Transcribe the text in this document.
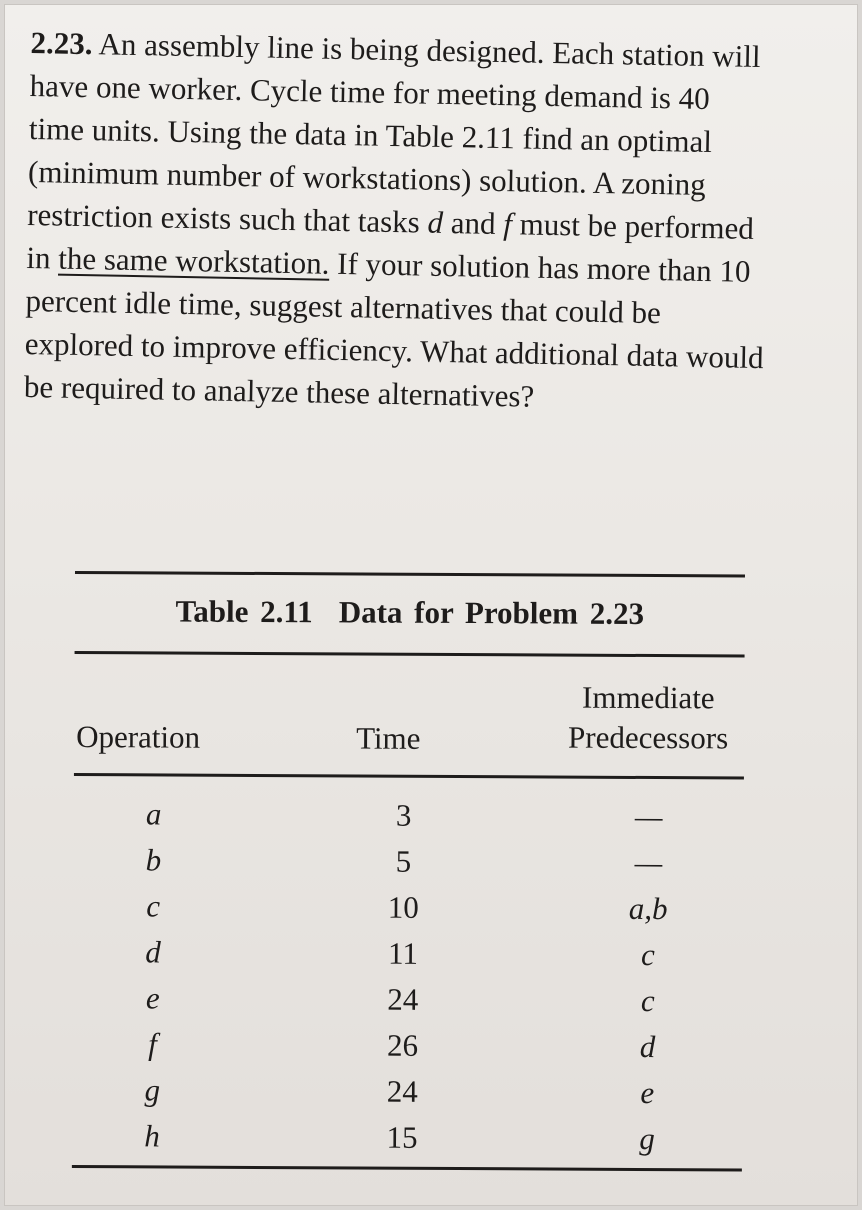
2.23. An assembly line is being designed. Each station will have one worker. Cycle time for meeting demand is 40 time units. Using the data in Table 2.11 find an optimal (minimum number of workstations) solution. A zoning restriction exists such that tasks d and f must be performed in the same workstation. If your solution has more than 10 percent idle time, suggest alternatives that could be explored to improve efficiency. What additional data would be required to analyze these alternatives?
Table 2.11 Data for Problem 2.23
Operation	Time
Immediate
Predecessors
a	3	—
b	5	—
c	10	a,b
d	11	c
e	24	c
f	26	d
g	24	e
h	15	g
